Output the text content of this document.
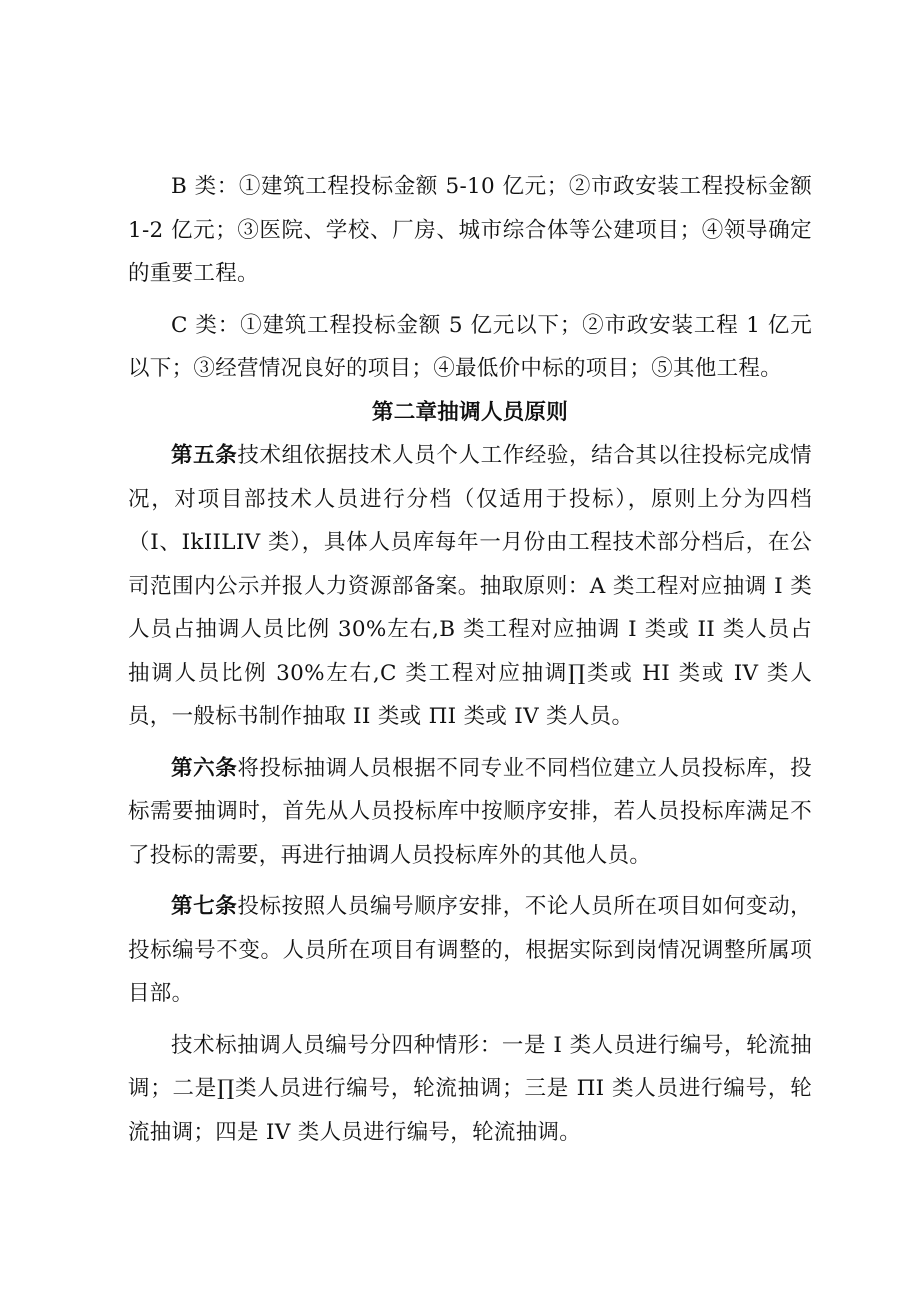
B 类：①建筑工程投标金额 5-10 亿元；②市政安装工程投标金额 1-2 亿元；③医院、学校、厂房、城市综合体等公建项目；④领导确定的重要工程。

C 类：①建筑工程投标金额 5 亿元以下；②市政安装工程 1 亿元以下；③经营情况良好的项目；④最低价中标的项目；⑤其他工程。

第二章抽调人员原则

第五条技术组依据技术人员个人工作经验，结合其以往投标完成情况，对项目部技术人员进行分档（仅适用于投标），原则上分为四档（I、IkIILIV 类），具体人员库每年一月份由工程技术部分档后，在公司范围内公示并报人力资源部备案。抽取原则：A 类工程对应抽调 I 类人员占抽调人员比例 30%左右,B 类工程对应抽调 I 类或 II 类人员占抽调人员比例 30%左右,C 类工程对应抽调∏类或 HI 类或 IV 类人员，一般标书制作抽取 II 类或 ΠI 类或 IV 类人员。

第六条将投标抽调人员根据不同专业不同档位建立人员投标库，投标需要抽调时，首先从人员投标库中按顺序安排，若人员投标库满足不了投标的需要，再进行抽调人员投标库外的其他人员。

第七条投标按照人员编号顺序安排，不论人员所在项目如何变动，投标编号不变。人员所在项目有调整的，根据实际到岗情况调整所属项目部。

技术标抽调人员编号分四种情形：一是 I 类人员进行编号，轮流抽调；二是∏类人员进行编号，轮流抽调；三是 ΠI 类人员进行编号，轮流抽调；四是 IV 类人员进行编号，轮流抽调。
